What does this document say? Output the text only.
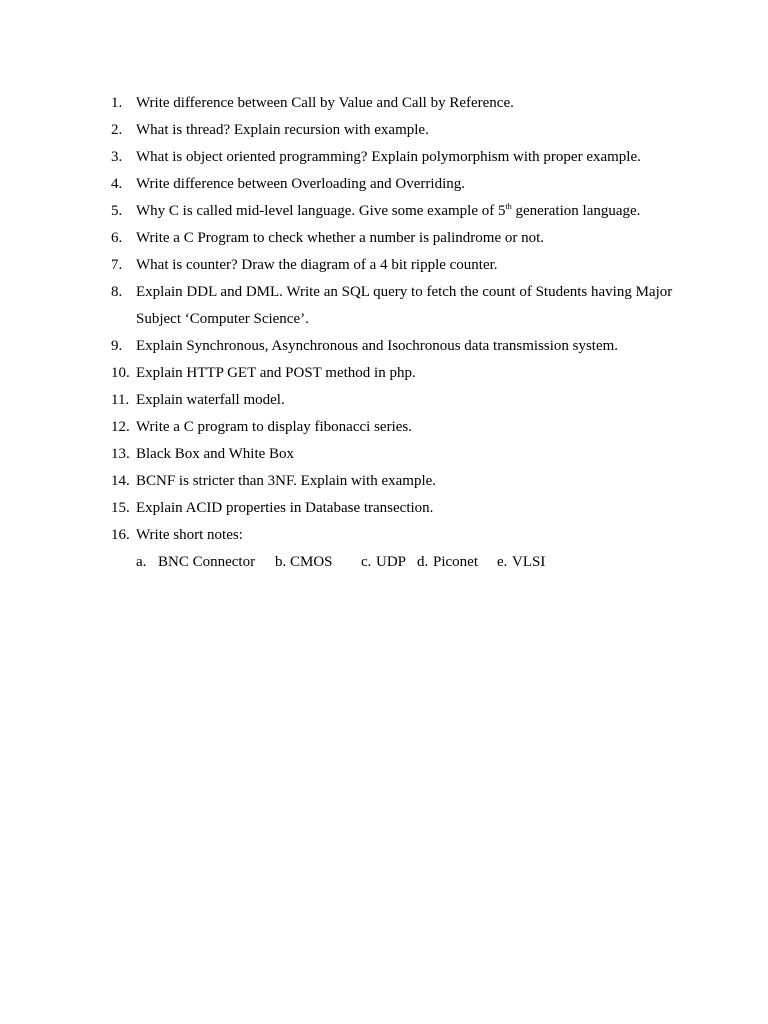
1. Write difference between Call by Value and Call by Reference.
2. What is thread? Explain recursion with example.
3. What is object oriented programming? Explain polymorphism with proper example.
4. Write difference between Overloading and Overriding.
5. Why C is called mid-level language. Give some example of 5th generation language.
6. Write a C Program to check whether a number is palindrome or not.
7. What is counter? Draw the diagram of a 4 bit ripple counter.
8. Explain DDL and DML. Write an SQL query to fetch the count of Students having Major Subject ‘Computer Science’.
9. Explain Synchronous, Asynchronous and Isochronous data transmission system.
10. Explain HTTP GET and POST method in php.
11. Explain waterfall model.
12. Write a C program to display fibonacci series.
13. Black Box and White Box
14. BCNF is stricter than 3NF. Explain with example.
15. Explain ACID properties in Database transection.
16. Write short notes:
a. BNC Connector b. CMOS c. UDP d. Piconet e. VLSI
